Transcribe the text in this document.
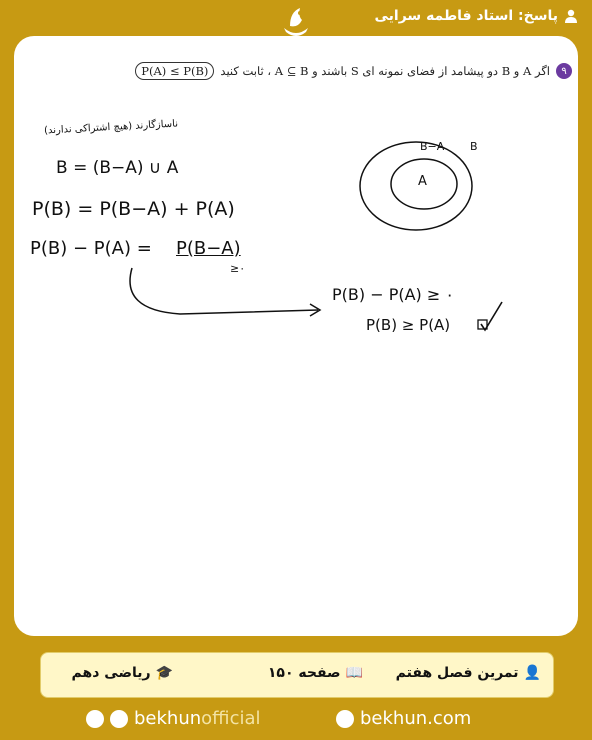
پاسخ: استاد فاطمه سرایی
۹
اگر A و B دو پیشامد از فضای نمونه ای S باشند و A ⊆ B ، ثابت کنید
P(A) ≤ P(B)
ناسازگارند (هیچ اشتراکی ندارند)
B = (B−A) ∪ A
P(B) = P(B−A) + P(A)
P(B) − P(A) = P(B−A)
≥۰
P(B) − P(A) ≥ ۰
P(B) ≥ P(A)
B−A B
A
👤
تمرین فصل هفتم
📖
صفحه ۱۵۰
🎓
ریاضی دهم
bekhunofficial	bekhun.com
